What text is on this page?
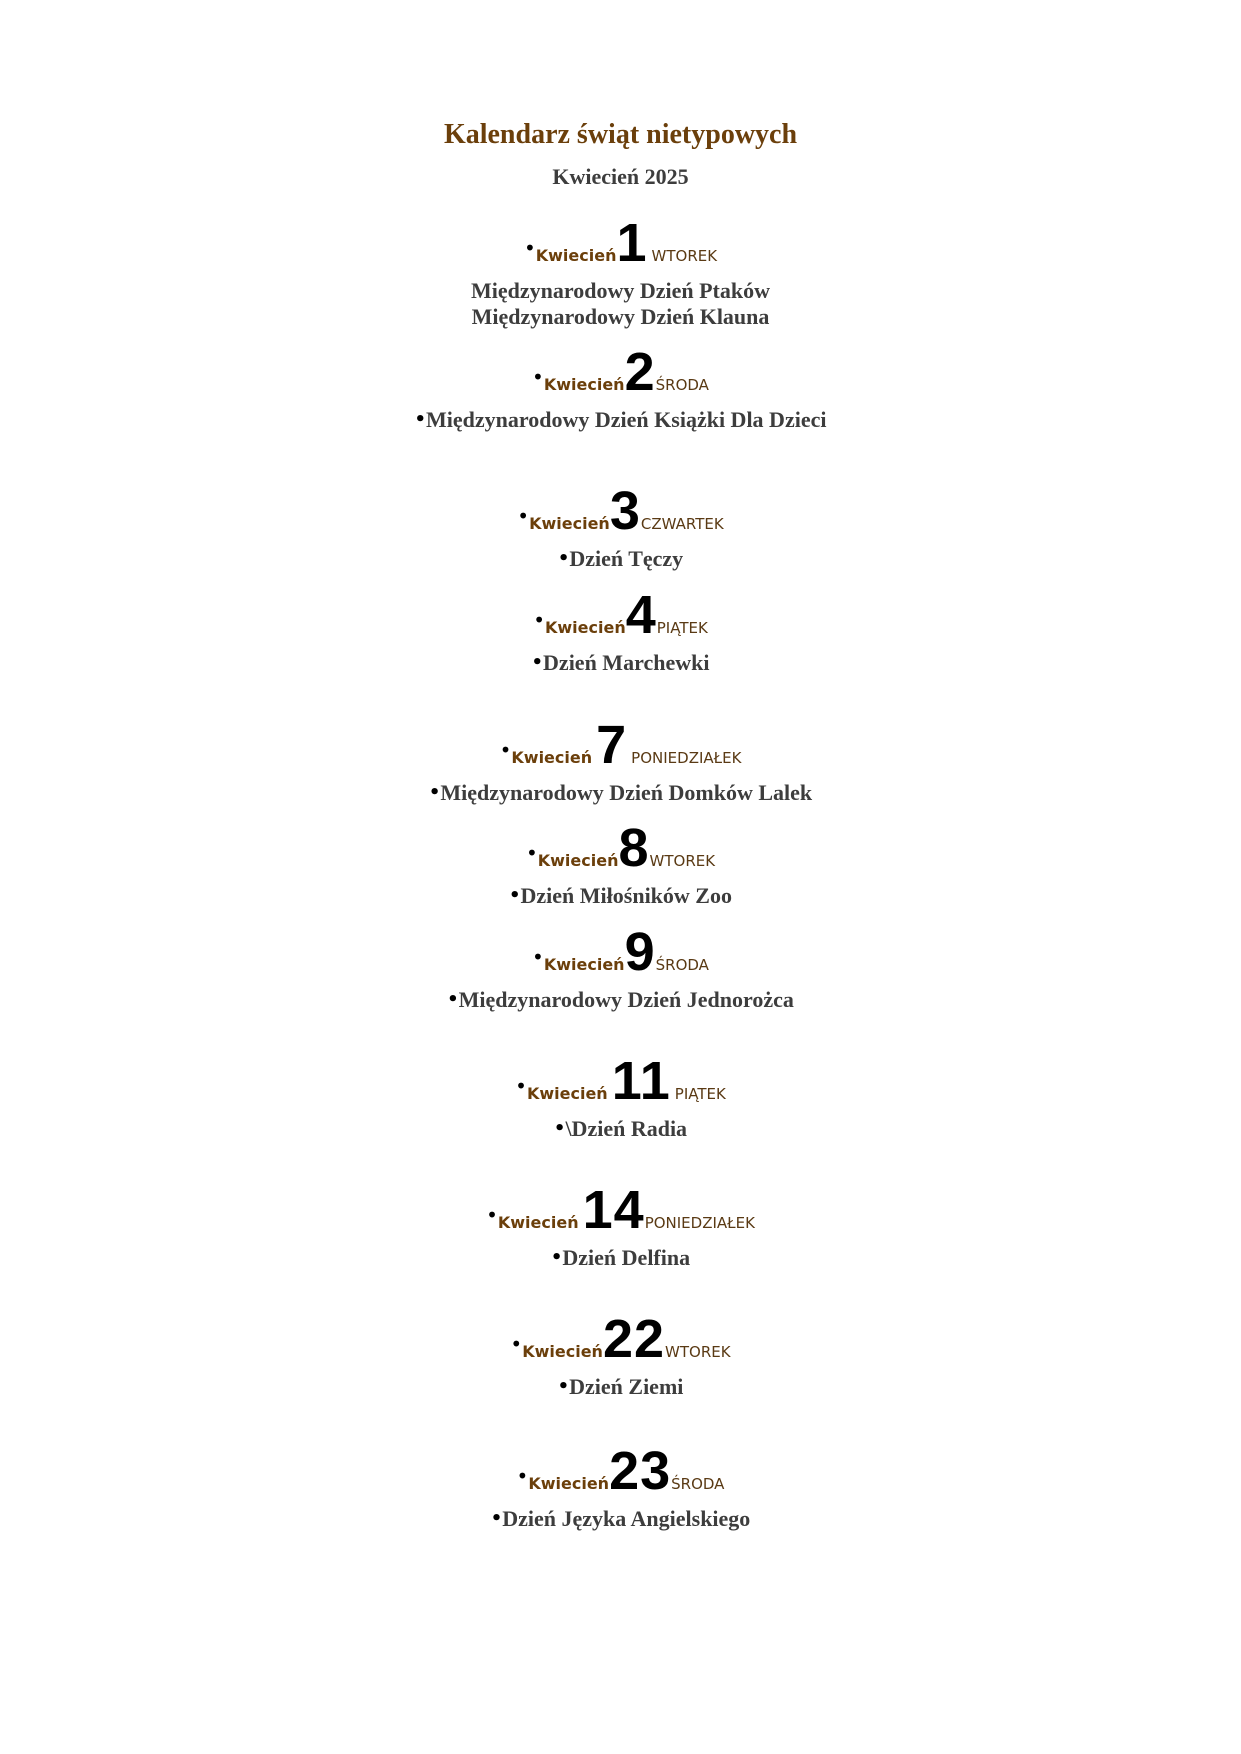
Kalendarz świąt nietypowych
Kwiecień 2025
•Kwiecień1 WTOREK
Międzynarodowy Dzień Ptaków
Międzynarodowy Dzień Klauna
•Kwiecień2ŚRODA
•Międzynarodowy Dzień Książki Dla Dzieci
•Kwiecień3CZWARTEK
•Dzień Tęczy
•Kwiecień4PIĄTEK
•Dzień Marchewki
•Kwiecień 7 PONIEDZIAŁEK
•Międzynarodowy Dzień Domków Lalek
•Kwiecień8WTOREK
•Dzień Miłośników Zoo
•Kwiecień9ŚRODA
•Międzynarodowy Dzień Jednorożca
•Kwiecień 11 PIĄTEK
•\Dzień Radia
•Kwiecień 14PONIEDZIAŁEK
•Dzień Delfina
•Kwiecień22WTOREK
•Dzień Ziemi
•Kwiecień23ŚRODA
•Dzień Języka Angielskiego
